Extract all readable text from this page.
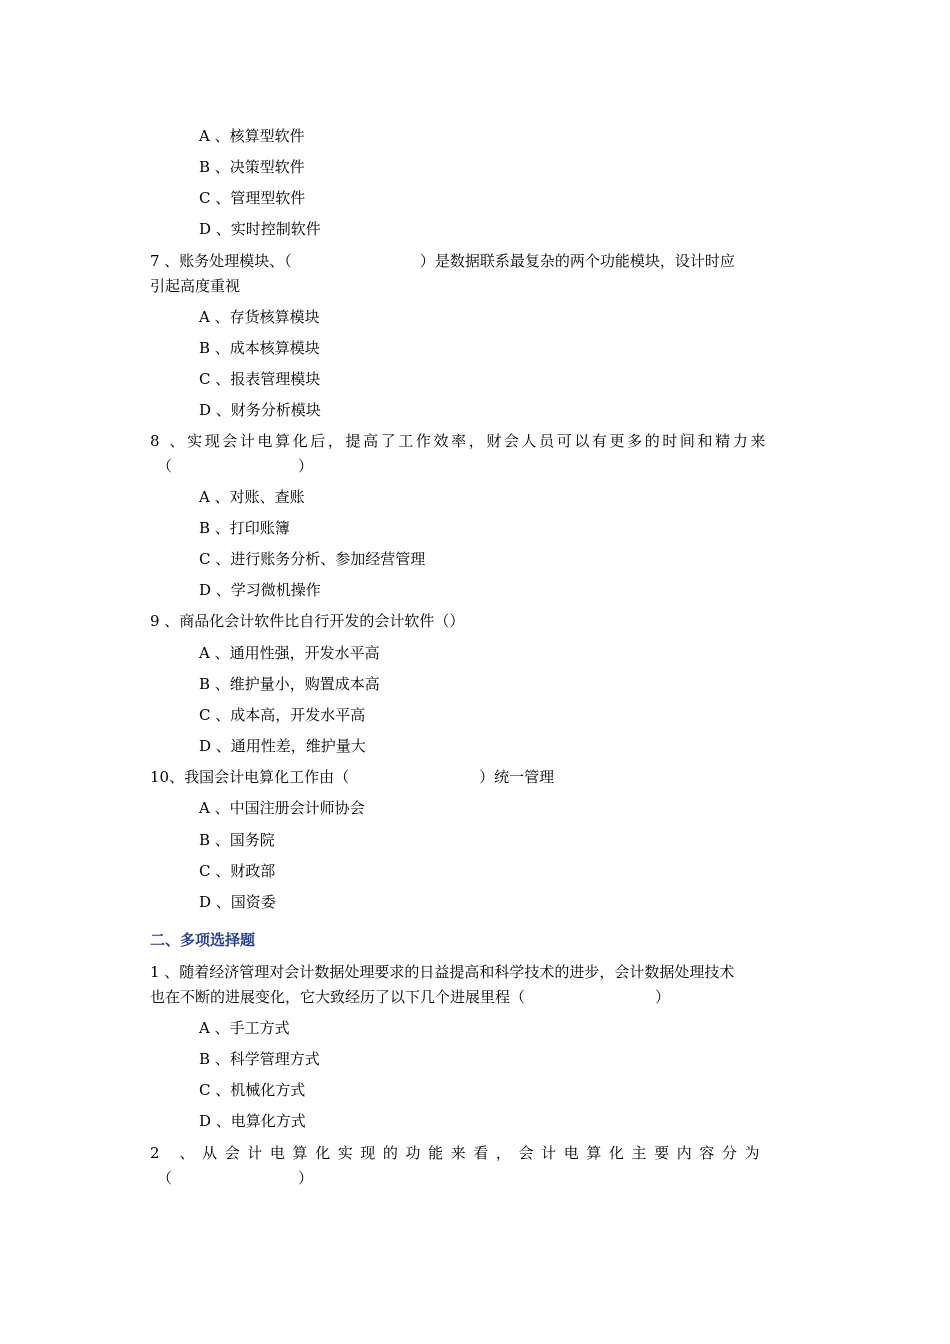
A 、核算型软件
B 、决策型软件
C 、管理型软件
D 、实时控制软件
7 、账务处理模块、（	）是数据联系最复杂的两个功能模块，设计时应
引起高度重视
A 、存货核算模块
B 、成本核算模块
C 、报表管理模块
D 、财务分析模块
8 、实现会计电算化后，提高了工作效率，财会人员可以有更多的时间和精力来
（	）
A 、对账、查账
B 、打印账簿
C 、进行账务分析、参加经营管理
D 、学习微机操作
9 、商品化会计软件比自行开发的会计软件（）
A 、通用性强，开发水平高
B 、维护量小，购置成本高
C 、成本高，开发水平高
D 、通用性差，维护量大
10、我国会计电算化工作由（	）统一管理
A 、中国注册会计师协会
B 、国务院
C 、财政部
D 、国资委
二、多项选择题
1 、随着经济管理对会计数据处理要求的日益提高和科学技术的进步，会计数据处理技术
也在不断的进展变化，它大致经历了以下几个进展里程（	）
A 、手工方式
B 、科学管理方式
C 、机械化方式
D 、电算化方式
2 、从会计电算化实现的功能来看，会计电算化主要内容分为
（	）
